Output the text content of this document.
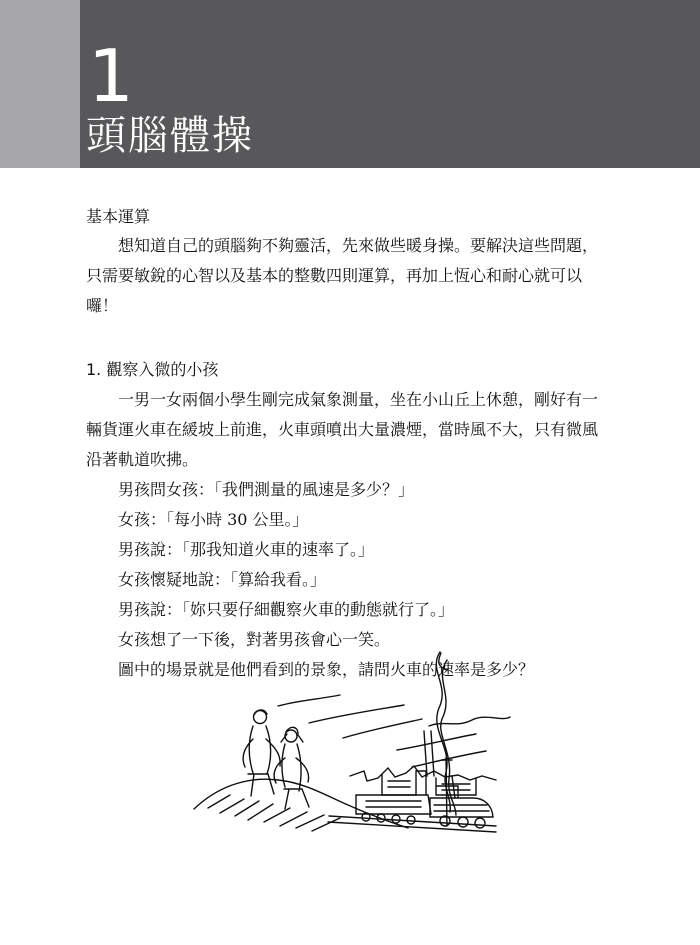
1
頭腦體操
基本運算

想知道自己的頭腦夠不夠靈活，先來做些暖身操。要解決這些問題，只需要敏銳的心智以及基本的整數四則運算，再加上恆心和耐心就可以囉！

1. 觀察入微的小孩

一男一女兩個小學生剛完成氣象測量，坐在小山丘上休憩，剛好有一輛貨運火車在緩坡上前進，火車頭噴出大量濃煙，當時風不大，只有微風沿著軌道吹拂。

男孩問女孩：「我們測量的風速是多少？」

女孩：「每小時 30 公里。」

男孩說：「那我知道火車的速率了。」

女孩懷疑地說：「算給我看。」

男孩說：「妳只要仔細觀察火車的動態就行了。」

女孩想了一下後，對著男孩會心一笑。

圖中的場景就是他們看到的景象，請問火車的速率是多少？
